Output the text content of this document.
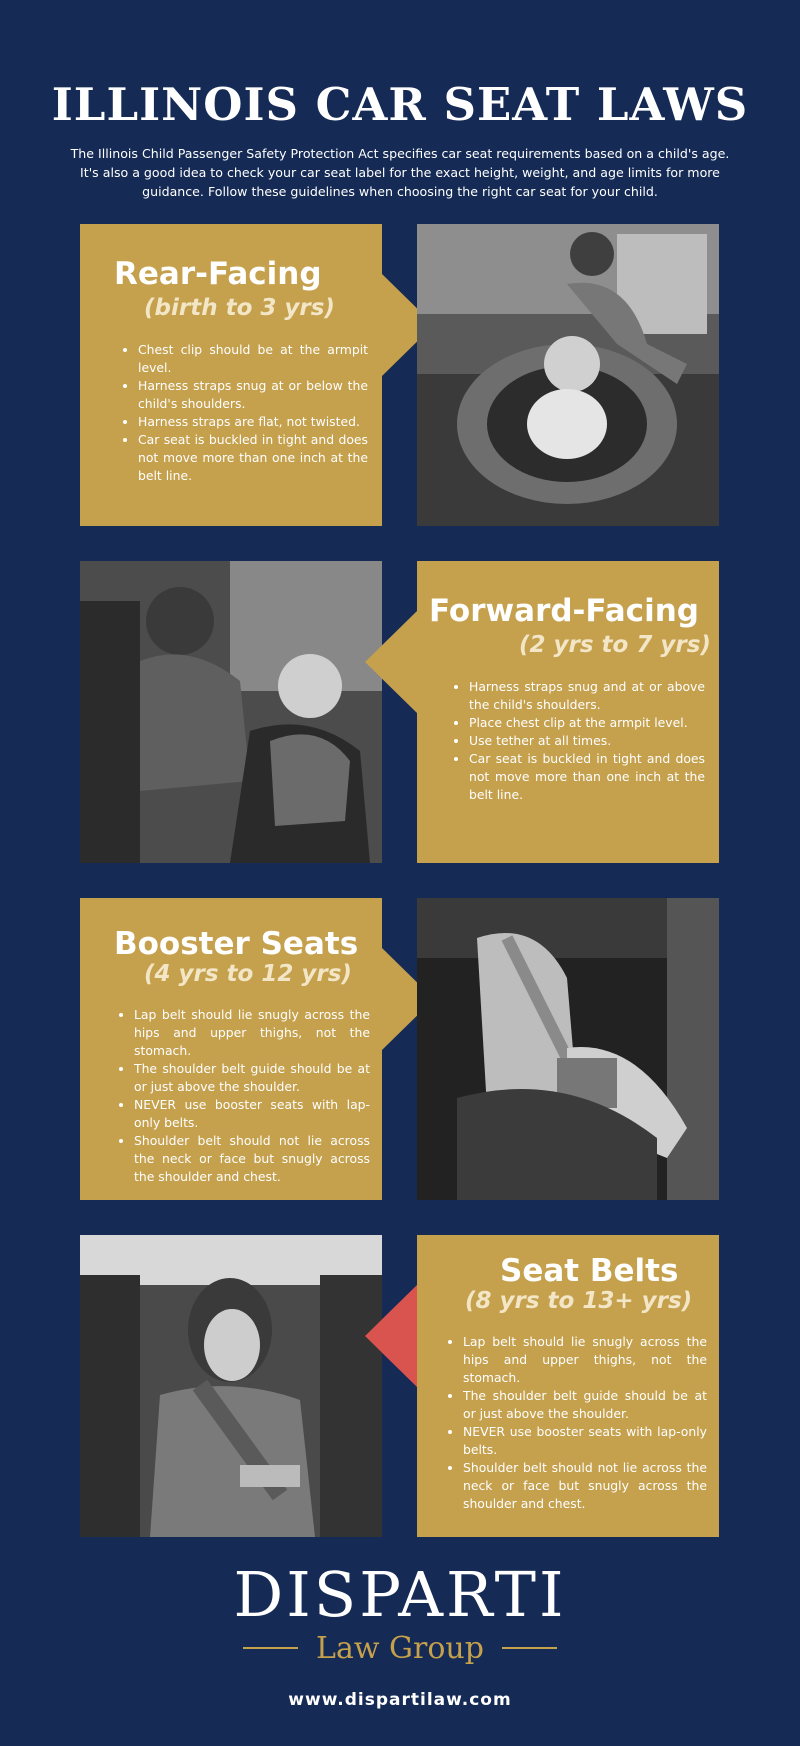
ILLINOIS CAR SEAT LAWS

The Illinois Child Passenger Safety Protection Act specifies car seat requirements based on a child's age. It's also a good idea to check your car seat label for the exact height, weight, and age limits for more guidance. Follow these guidelines when choosing the right car seat for your child.

Rear-Facing
(birth to 3 yrs)
• Chest clip should be at the armpit level.
• Harness straps snug at or below the child's shoulders.
• Harness straps are flat, not twisted.
• Car seat is buckled in tight and does not move more than one inch at the belt line.
Forward-Facing
(2 yrs to 7 yrs)
• Harness straps snug and at or above the child's shoulders.
• Place chest clip at the armpit level.
• Use tether at all times.
• Car seat is buckled in tight and does not move more than one inch at the belt line.
Booster Seats
(4 yrs to 12 yrs)
• Lap belt should lie snugly across the hips and upper thighs, not the stomach.
• The shoulder belt guide should be at or just above the shoulder.
• NEVER use booster seats with lap-only belts.
• Shoulder belt should not lie across the neck or face but snugly across the shoulder and chest.
Seat Belts
(8 yrs to 13+ yrs)
• Lap belt should lie snugly across the hips and upper thighs, not the stomach.
• The shoulder belt guide should be at or just above the shoulder.
• NEVER use booster seats with lap-only belts.
• Shoulder belt should not lie across the neck or face but snugly across the shoulder and chest.
DISPARTI
Law Group
www.dispartilaw.com
